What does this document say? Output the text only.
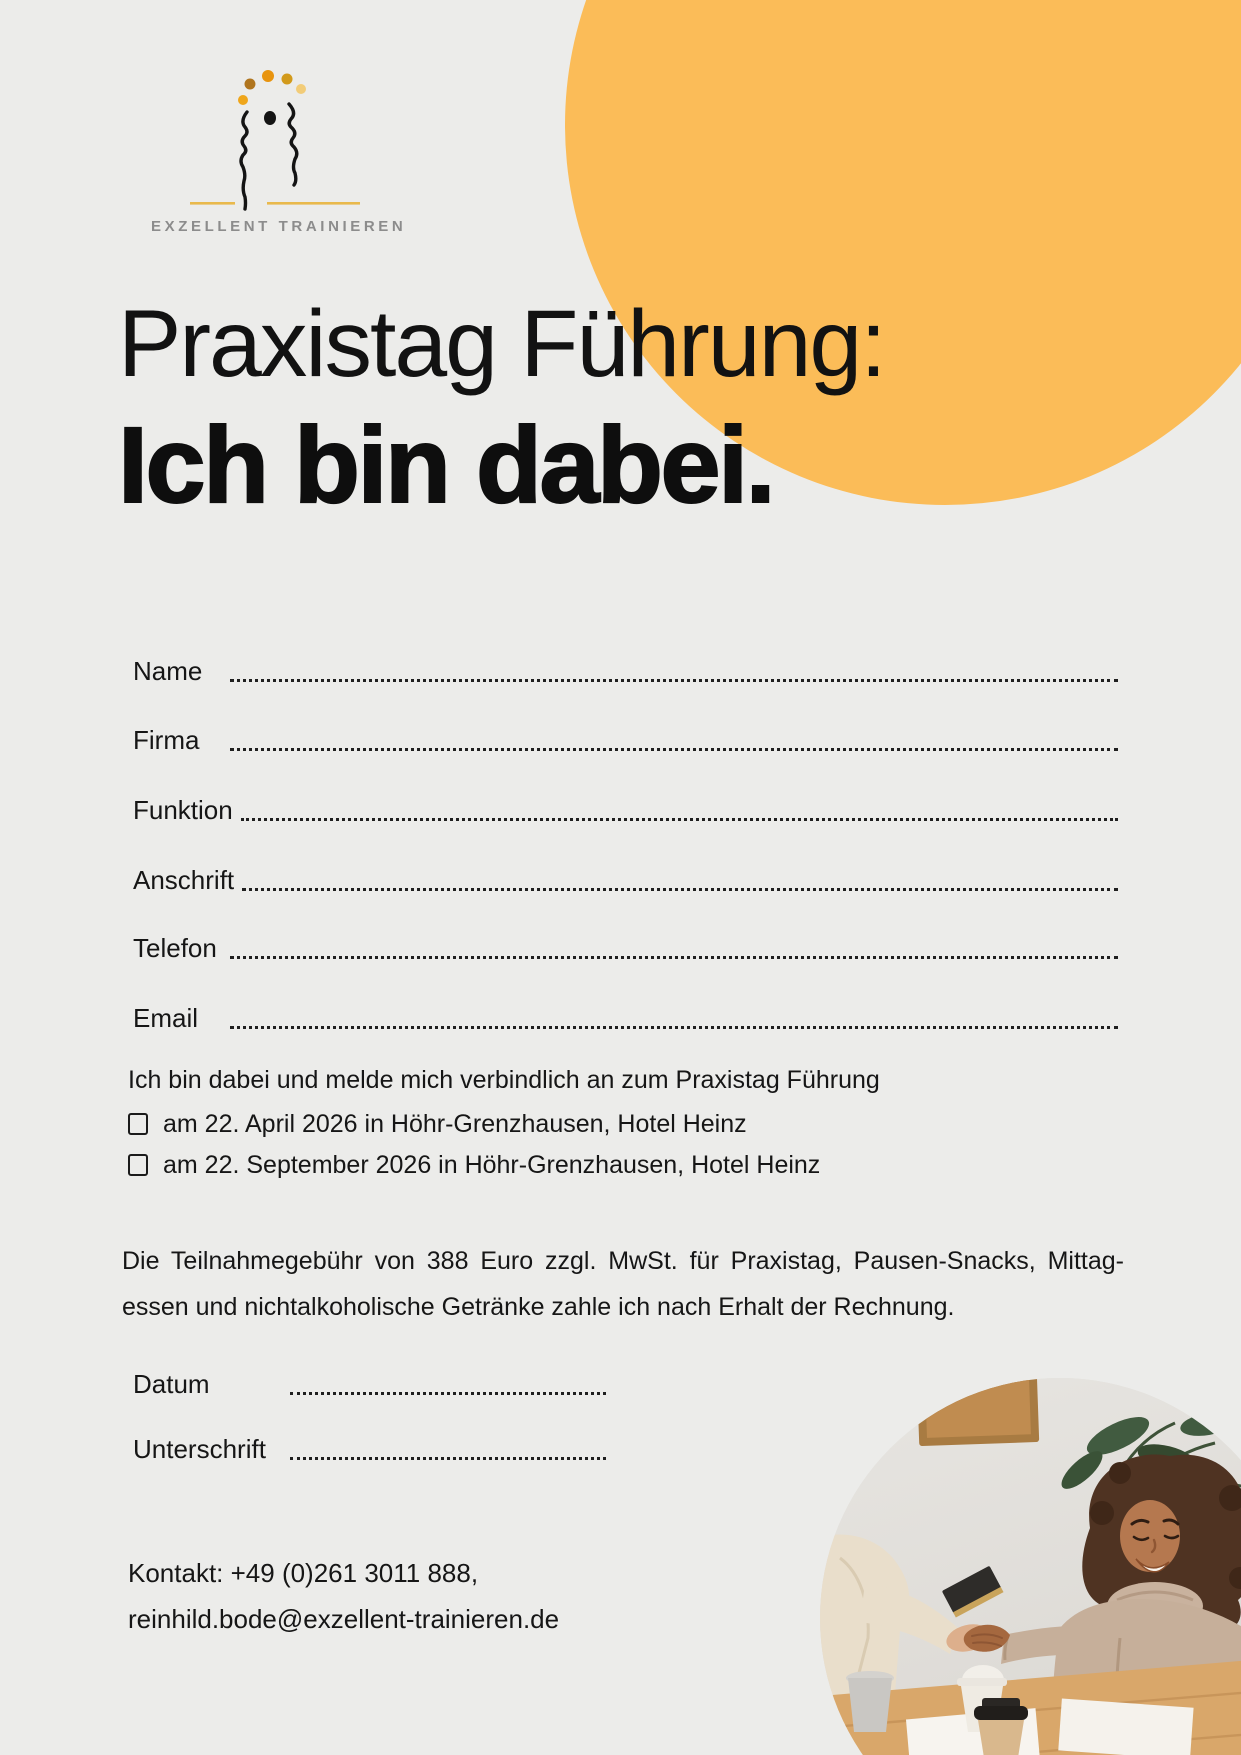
EXZELLENT TRAINIEREN
Praxistag Führung:
Ich bin dabei.
Name
Firma
Funktion
Anschrift
Telefon
Email
Ich bin dabei und melde mich verbindlich an zum Praxistag Führung
am 22. April 2026 in Höhr-Grenzhausen, Hotel Heinz
am 22. September 2026 in Höhr-Grenzhausen, Hotel Heinz
Die Teilnahmegebühr von 388 Euro zzgl. MwSt. für Praxistag, Pausen-Snacks, Mittag-
essen und nichtalkoholische Getränke zahle ich nach Erhalt der Rechnung.
Datum
Unterschrift
Kontakt: +49 (0)261 3011 888,
reinhild.bode@exzellent-trainieren.de
